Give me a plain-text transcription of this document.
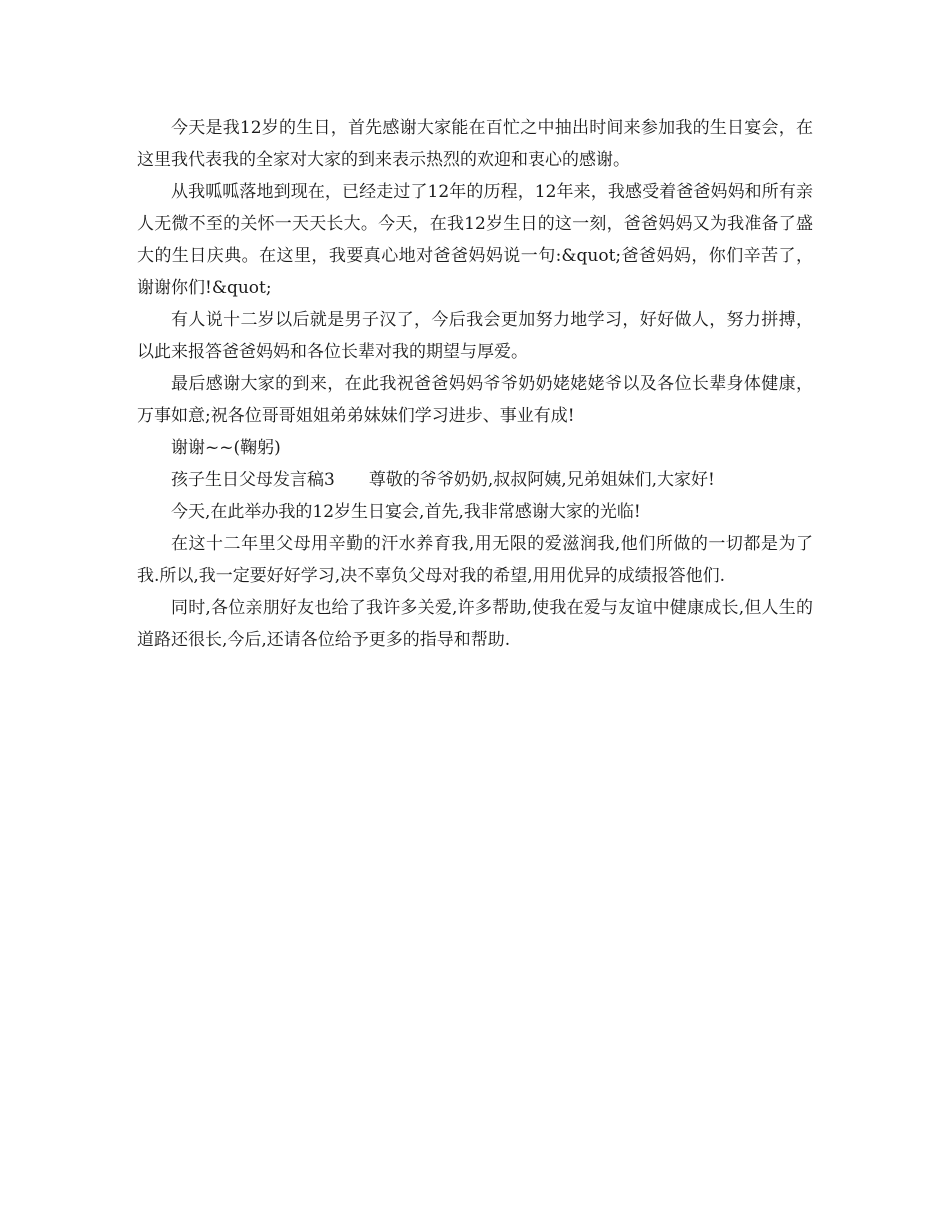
今天是我12岁的生日，首先感谢大家能在百忙之中抽出时间来参加我的生日宴会，在这里我代表我的全家对大家的到来表示热烈的欢迎和衷心的感谢。

从我呱呱落地到现在，已经走过了12年的历程，12年来，我感受着爸爸妈妈和所有亲人无微不至的关怀一天天长大。今天，在我12岁生日的这一刻，爸爸妈妈又为我准备了盛大的生日庆典。在这里，我要真心地对爸爸妈妈说一句:&quot;爸爸妈妈，你们辛苦了，谢谢你们!&quot;

有人说十二岁以后就是男子汉了，今后我会更加努力地学习，好好做人，努力拼搏，以此来报答爸爸妈妈和各位长辈对我的期望与厚爱。

最后感谢大家的到来，在此我祝爸爸妈妈爷爷奶奶姥姥姥爷以及各位长辈身体健康，万事如意;祝各位哥哥姐姐弟弟妹妹们学习进步、事业有成!

谢谢~~(鞠躬)

孩子生日父母发言稿3　　尊敬的爷爷奶奶,叔叔阿姨,兄弟姐妹们,大家好!

今天,在此举办我的12岁生日宴会,首先,我非常感谢大家的光临!

在这十二年里父母用辛勤的汗水养育我,用无限的爱滋润我,他们所做的一切都是为了我.所以,我一定要好好学习,决不辜负父母对我的希望,用用优异的成绩报答他们.

同时,各位亲朋好友也给了我许多关爱,许多帮助,使我在爱与友谊中健康成长,但人生的道路还很长,今后,还请各位给予更多的指导和帮助.
